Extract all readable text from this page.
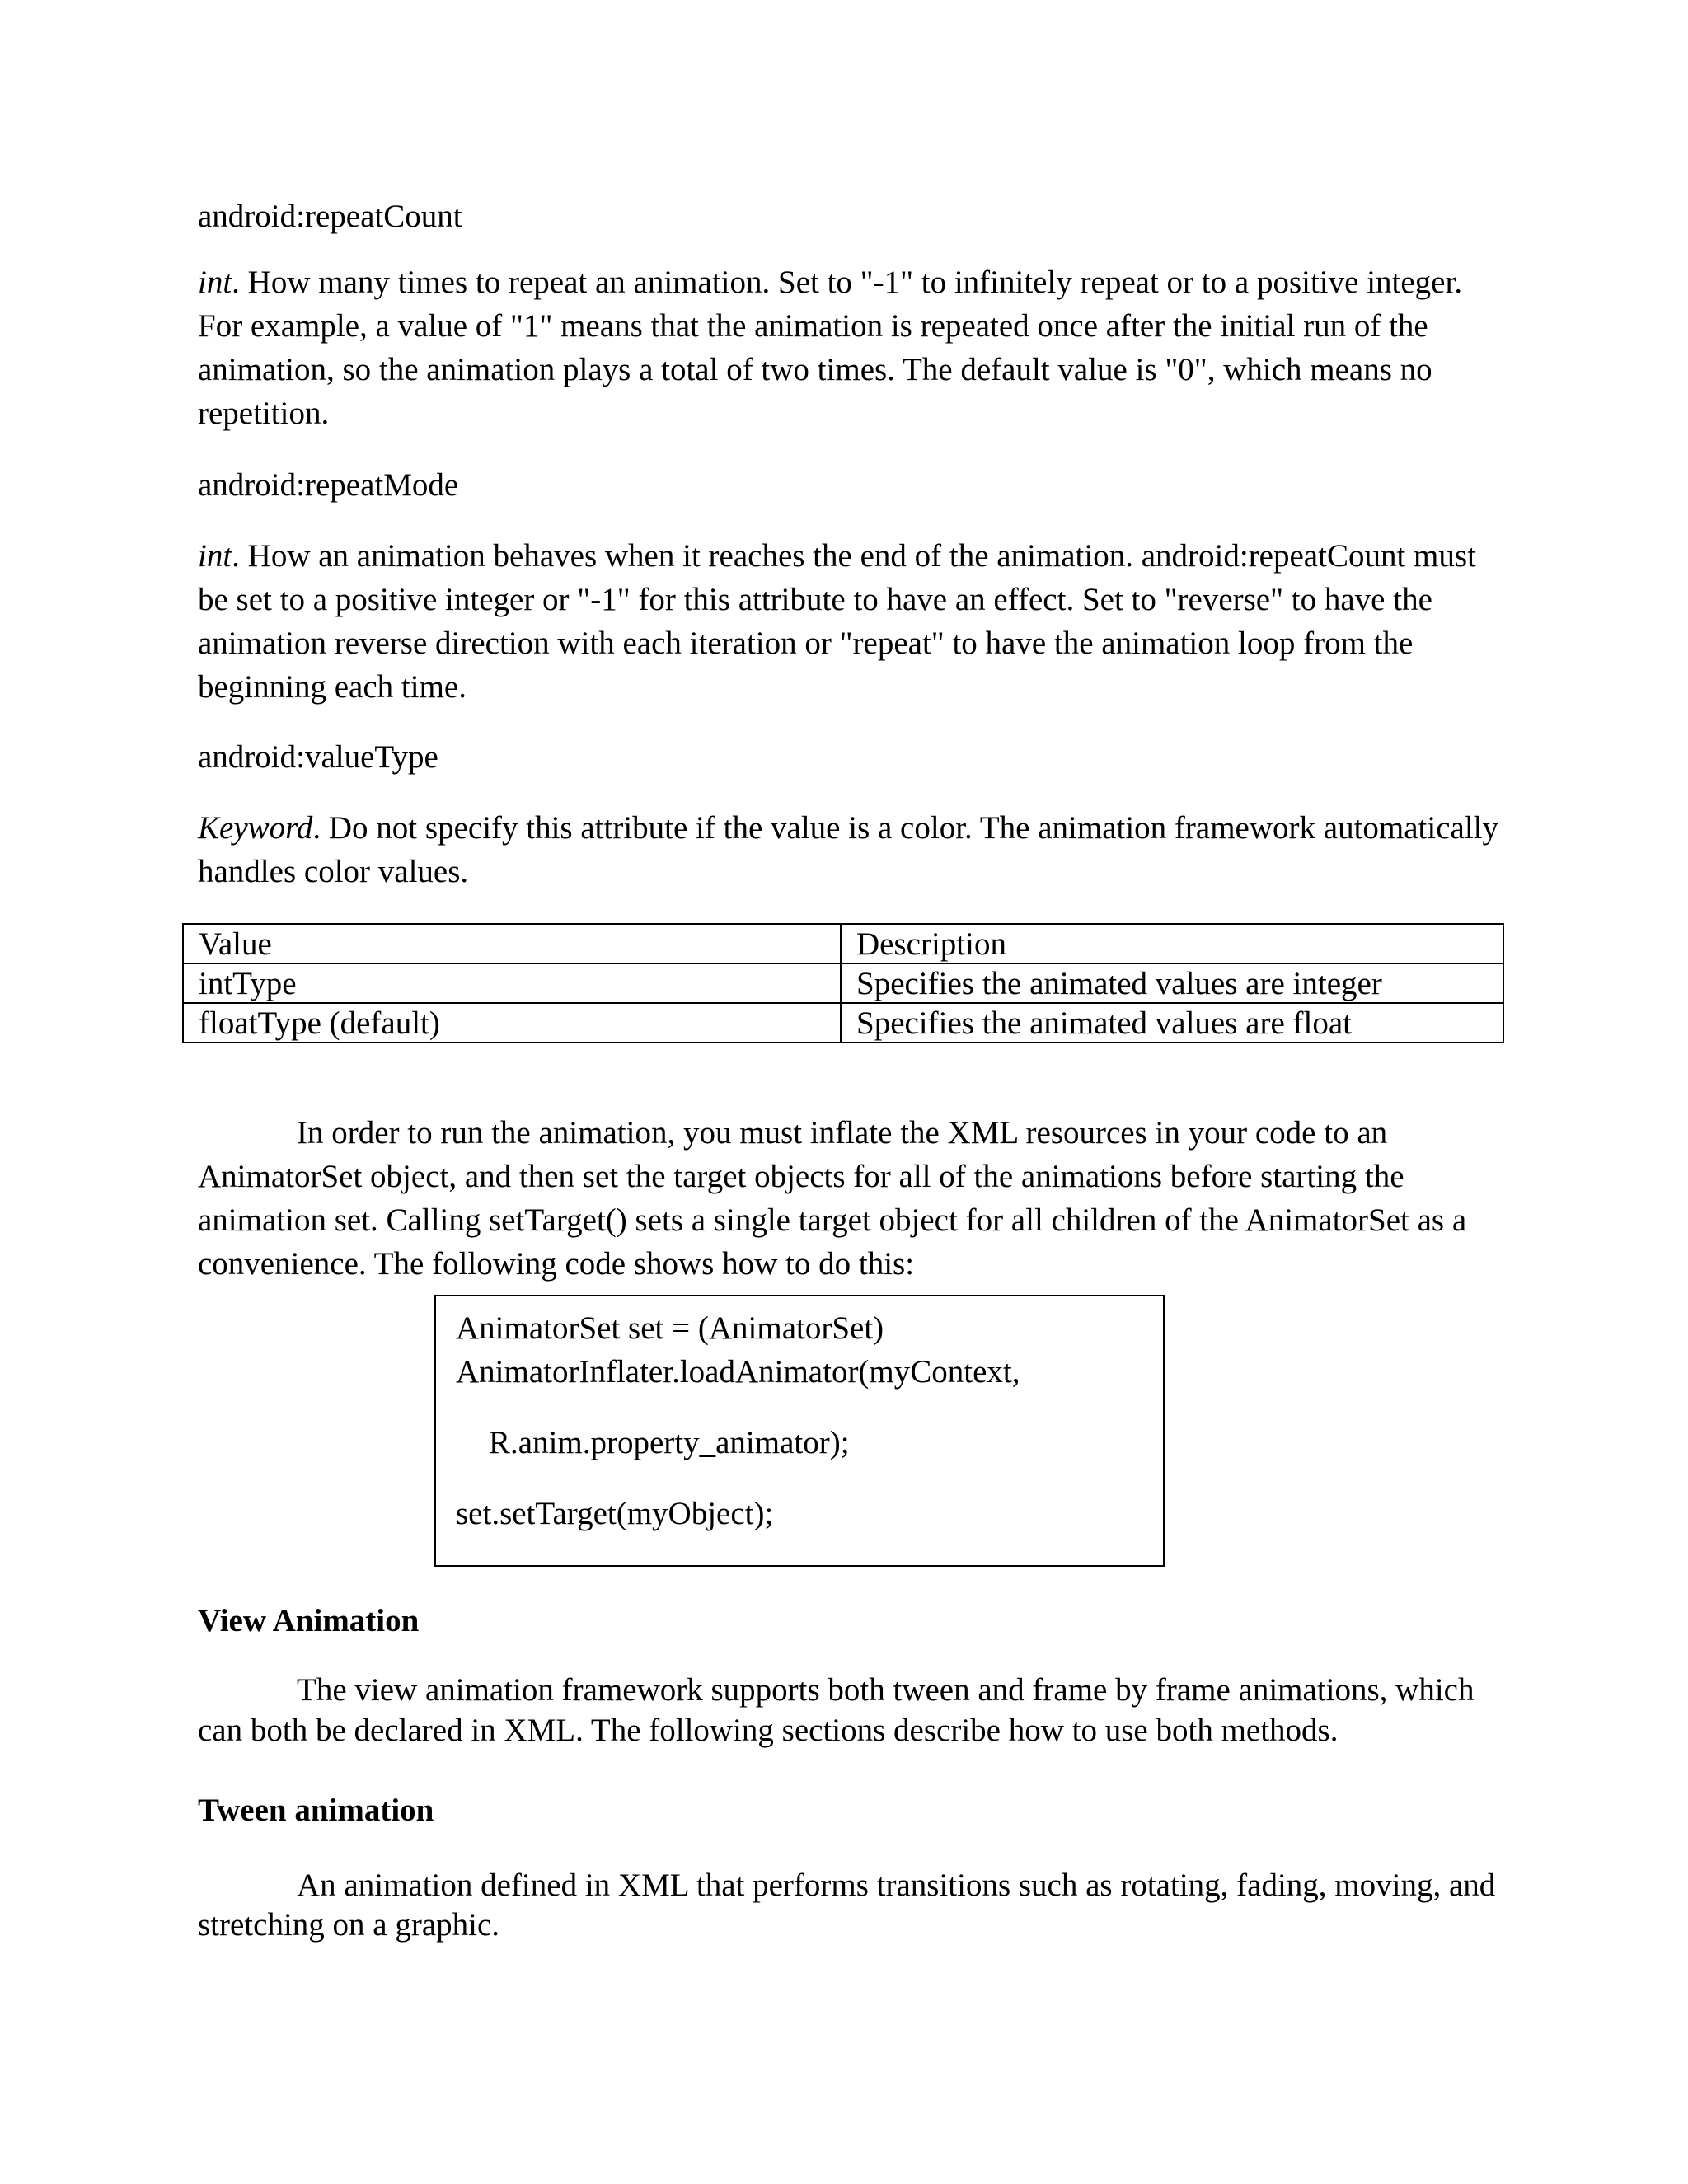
android:repeatCount

int. How many times to repeat an animation. Set to "-1" to infinitely repeat or to a positive integer. For example, a value of "1" means that the animation is repeated once after the initial run of the animation, so the animation plays a total of two times. The default value is "0", which means no repetition.

android:repeatMode

int. How an animation behaves when it reaches the end of the animation. android:repeatCount must be set to a positive integer or "-1" for this attribute to have an effect. Set to "reverse" to have the animation reverse direction with each iteration or "repeat" to have the animation loop from the beginning each time.

android:valueType

Keyword. Do not specify this attribute if the value is a color. The animation framework automatically handles color values.

Value	Description
intType	Specifies the animated values are integer
floatType (default)	Specifies the animated values are float

In order to run the animation, you must inflate the XML resources in your code to an AnimatorSet object, and then set the target objects for all of the animations before starting the animation set. Calling setTarget() sets a single target object for all children of the AnimatorSet as a convenience. The following code shows how to do this:

AnimatorSet set = (AnimatorSet)
AnimatorInflater.loadAnimator(myContext,
R.anim.property_animator);
set.setTarget(myObject);

View Animation

The view animation framework supports both tween and frame by frame animations, which can both be declared in XML. The following sections describe how to use both methods.

Tween animation

An animation defined in XML that performs transitions such as rotating, fading, moving, and stretching on a graphic.
